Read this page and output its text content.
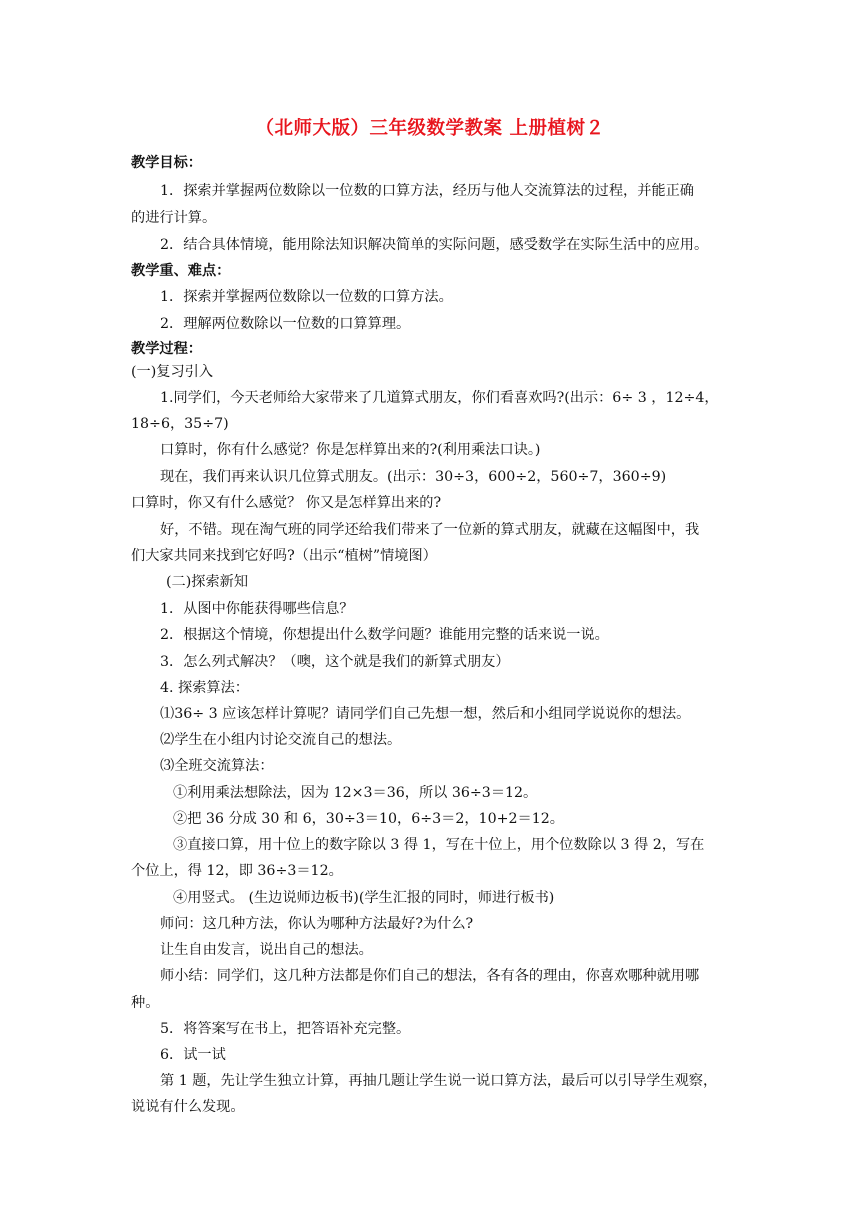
（北师大版）三年级数学教案 上册植树２
教学目标：
1．探索并掌握两位数除以一位数的口算方法，经历与他人交流算法的过程，并能正确
的进行计算。
2．结合具体情境，能用除法知识解决简单的实际问题，感受数学在实际生活中的应用。
教学重、难点：
1．探索并掌握两位数除以一位数的口算方法。
2．理解两位数除以一位数的口算算理。
教学过程：
(一)复习引入
1.同学们，今天老师给大家带来了几道算式朋友，你们看喜欢吗?(出示：6÷ 3 ，12÷4，
18÷6，35÷7)
口算时，你有什么感觉？你是怎样算出来的?(利用乘法口诀。)
现在，我们再来认识几位算式朋友。(出示：30÷3，600÷2，560÷7，360÷9)
口算时，你又有什么感觉？ 你又是怎样算出来的?
好，不错。现在淘气班的同学还给我们带来了一位新的算式朋友，就藏在这幅图中，我
们大家共同来找到它好吗?（出示“植树”情境图）
(二)探索新知
1．从图中你能获得哪些信息？
2．根据这个情境，你想提出什么数学问题？谁能用完整的话来说一说。
3．怎么列式解决？（噢，这个就是我们的新算式朋友）
4. 探索算法：
⑴36÷ 3 应该怎样计算呢？请同学们自己先想一想，然后和小组同学说说你的想法。
⑵学生在小组内讨论交流自己的想法。
⑶全班交流算法：
①利用乘法想除法，因为 12×3＝36，所以 36÷3＝12。
②把 36 分成 30 和 6，30÷3＝10，6÷3＝2，10+2＝12。
③直接口算，用十位上的数字除以 3 得 1，写在十位上，用个位数除以 3 得 2，写在
个位上，得 12，即 36÷3＝12。
④用竖式。 (生边说师边板书)(学生汇报的同时，师进行板书)
师问：这几种方法，你认为哪种方法最好?为什么?
让生自由发言，说出自己的想法。
师小结：同学们，这几种方法都是你们自己的想法，各有各的理由，你喜欢哪种就用哪
种。
5．将答案写在书上，把答语补充完整。
6．试一试
第 1 题，先让学生独立计算，再抽几题让学生说一说口算方法，最后可以引导学生观察，
说说有什么发现。
